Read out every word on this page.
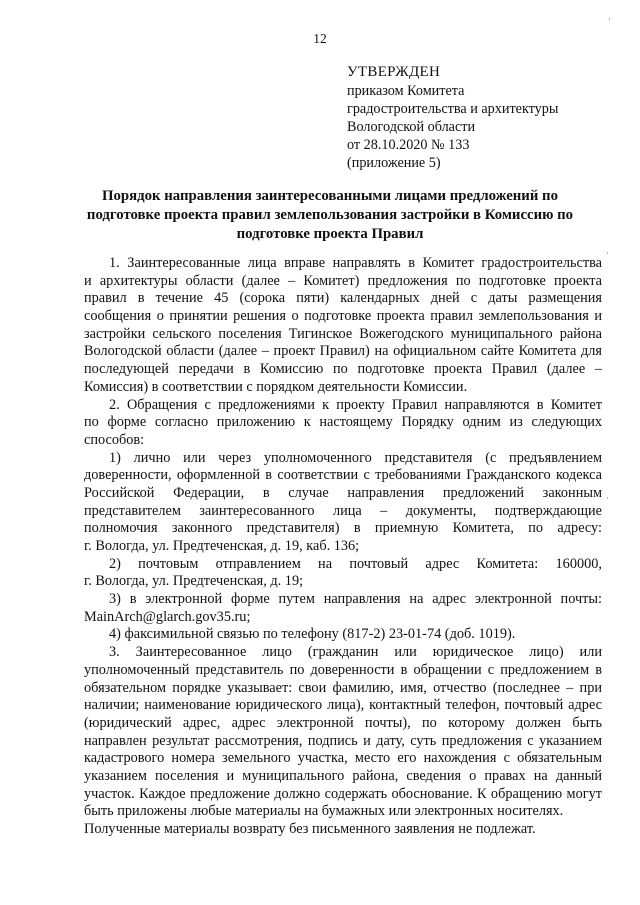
12
УТВЕРЖДЕН
приказом Комитета
градостроительства и архитектуры
Вологодской области
от 28.10.2020 № 133
(приложение 5)
Порядок направления заинтересованными лицами предложений по
подготовке проекта правил землепользования застройки в Комиссию по
подготовке проекта Правил
1. Заинтересованные лица вправе направлять в Комитет градостроительства
и архитектуры области (далее – Комитет) предложения по подготовке проекта
правил в течение 45 (сорока пяти) календарных дней с даты размещения
сообщения о принятии решения о подготовке проекта правил землепользования и
застройки сельского поселения Тигинское Вожегодского муниципального района
Вологодской области (далее – проект Правил) на официальном сайте Комитета для
последующей передачи в Комиссию по подготовке проекта Правил (далее –
Комиссия) в соответствии с порядком деятельности Комиссии.
2. Обращения с предложениями к проекту Правил направляются в Комитет
по форме согласно приложению к настоящему Порядку одним из следующих
способов:
1) лично или через уполномоченного представителя (с предъявлением
доверенности, оформленной в соответствии с требованиями Гражданского кодекса
Российской Федерации, в случае направления предложений законным
представителем заинтересованного лица – документы, подтверждающие
полномочия законного представителя) в приемную Комитета, по адресу:
г. Вологда, ул. Предтеченская, д. 19, каб. 136;
2) почтовым отправлением на почтовый адрес Комитета: 160000,
г. Вологда, ул. Предтеченская, д. 19;
3) в электронной форме путем направления на адрес электронной почты:
MainArch@glarch.gov35.ru;
4) факсимильной связью по телефону (817-2) 23-01-74 (доб. 1019).
3. Заинтересованное лицо (гражданин или юридическое лицо) или
уполномоченный представитель по доверенности в обращении с предложением в
обязательном порядке указывает: свои фамилию, имя, отчество (последнее – при
наличии; наименование юридического лица), контактный телефон, почтовый адрес
(юридический адрес, адрес электронной почты), по которому должен быть
направлен результат рассмотрения, подпись и дату, суть предложения с указанием
кадастрового номера земельного участка, место его нахождения с обязательным
указанием поселения и муниципального района, сведения о правах на данный
участок. Каждое предложение должно содержать обоснование. К обращению могут
быть приложены любые материалы на бумажных или электронных носителях.
Полученные материалы возврату без письменного заявления не подлежат.
·
·
·
